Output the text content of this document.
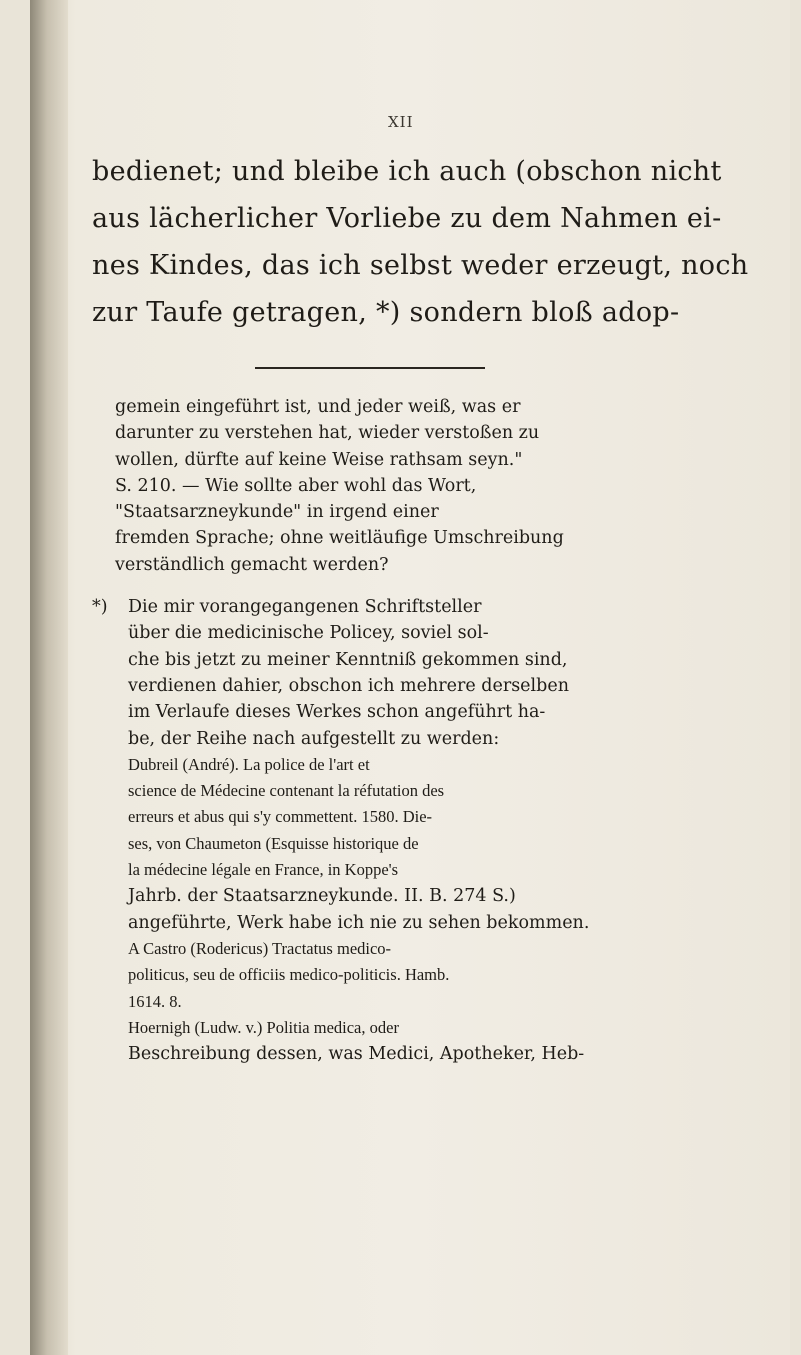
XII
bedienet; und bleibe ich auch (obschon nicht
aus lächerlicher Vorliebe zu dem Nahmen ei-
nes Kindes, das ich selbst weder erzeugt, noch
zur Taufe getragen, *) sondern bloß adop-
gemein eingeführt ist, und jeder weiß, was er
darunter zu verstehen hat, wieder verstoßen zu
wollen, dürfte auf keine Weise rathsam seyn."
S. 210. — Wie sollte aber wohl das Wort,
"Staatsarzneykunde" in irgend einer
fremden Sprache; ohne weitläufige Umschreibung
verständlich gemacht werden?
*) Die mir vorangegangenen Schriftsteller
über die medicinische Policey, soviel sol-
che bis jetzt zu meiner Kenntniß gekommen sind,
verdienen dahier, obschon ich mehrere derselben
im Verlaufe dieses Werkes schon angeführt ha-
be, der Reihe nach aufgestellt zu werden:
Dubreil (André). La police de l'art et
science de Médecine contenant la réfutation des
erreurs et abus qui s'y commettent. 1580. Die-
ses, von Chaumeton (Esquisse historique de
la médecine légale en France, in Koppe's
Jahrb. der Staatsarzneykunde. II. B. 274 S.)
angeführte, Werk habe ich nie zu sehen bekommen.
A Castro (Rodericus) Tractatus medico-
politicus, seu de officiis medico-politicis. Hamb.
1614. 8.
Hoernigh (Ludw. v.) Politia medica, oder
Beschreibung dessen, was Medici, Apotheker, Heb-
